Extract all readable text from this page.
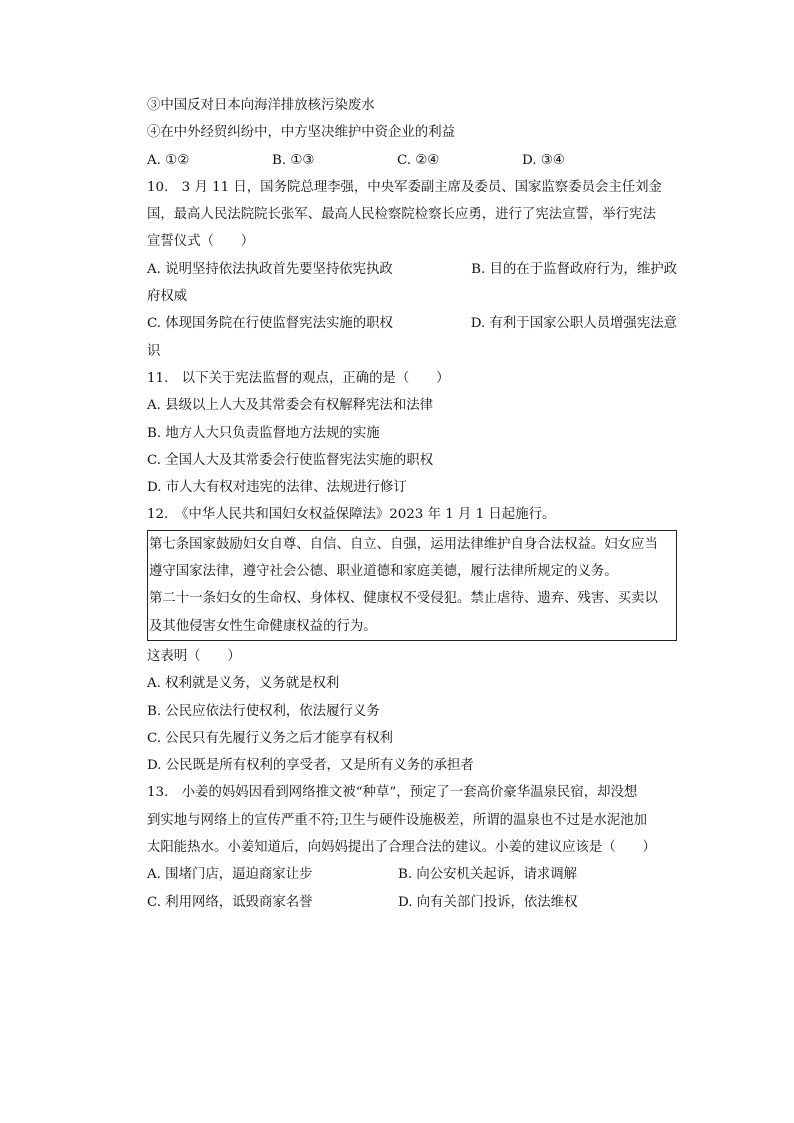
③中国反对日本向海洋排放核污染废水
④在中外经贸纠纷中，中方坚决维护中资企业的利益
A. ①②	B. ①③	C. ②④	D. ③④
10.　3 月 11 日，国务院总理李强，中央军委副主席及委员、国家监察委员会主任刘金
国，最高人民法院院长张军、最高人民检察院检察长应勇，进行了宪法宣誓，举行宪法
宣誓仪式（　　）
A. 说明坚持依法执政首先要坚持依宪执政	B. 目的在于监督政府行为，维护政
府权威
C. 体现国务院在行使监督宪法实施的职权	D. 有利于国家公职人员增强宪法意
识
11.　以下关于宪法监督的观点，正确的是（　　）
A. 县级以上人大及其常委会有权解释宪法和法律
B. 地方人大只负责监督地方法规的实施
C. 全国人大及其常委会行使监督宪法实施的职权
D. 市人大有权对违宪的法律、法规进行修订
12.　《中华人民共和国妇女权益保障法》2023 年 1 月 1 日起施行。
第七条国家鼓励妇女自尊、自信、自立、自强，运用法律维护自身合法权益。妇女应当
遵守国家法律，遵守社会公德、职业道德和家庭美德，履行法律所规定的义务。
第二十一条妇女的生命权、身体权、健康权不受侵犯。禁止虐待、遗弃、残害、买卖以
及其他侵害女性生命健康权益的行为。
这表明（　　）
A. 权利就是义务，义务就是权利
B. 公民应依法行使权利，依法履行义务
C. 公民只有先履行义务之后才能享有权利
D. 公民既是所有权利的享受者，又是所有义务的承担者
13.　小姜的妈妈因看到网络推文被“种草”，预定了一套高价豪华温泉民宿，却没想
到实地与网络上的宣传严重不符;卫生与硬件设施极差，所谓的温泉也不过是水泥池加
太阳能热水。小姜知道后，向妈妈提出了合理合法的建议。小姜的建议应该是（　　）
A. 围堵门店，逼迫商家让步	B. 向公安机关起诉，请求调解
C. 利用网络，诋毁商家名誉	D. 向有关部门投诉，依法维权
